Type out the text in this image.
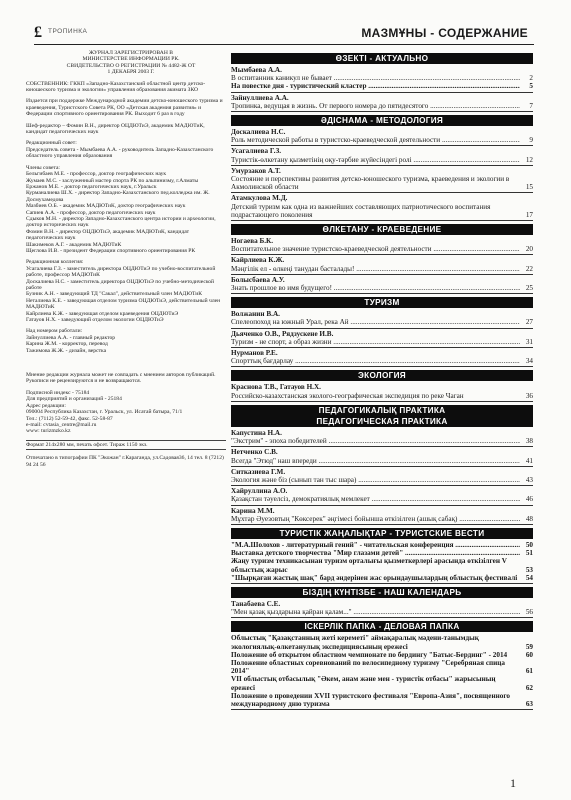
£ ТРОПИНКА	МАЗМҰНЫ - СОДЕРЖАНИЕ
ЖУРНАЛ ЗАРЕГИСТРИРОВАН В МИНИСТЕРСТВЕ ИНФОРМАЦИИ РК. СВИДЕТЕЛЬСТВО О РЕГИСТРАЦИИ № 4482-Ж ОТ 1 ДЕКАБРЯ 2003 Г.
СОБСТВЕННИК: ГККП «Западно-Казахстанский областной центр детско-юношеского туризма и экологии» управления образования акимата ЗКО
Издается при поддержке Международной академии детско-юношеского туризма и краеведения, Туристского Совета РК, ОО «Детская академия развития» и Федерации спортивного ориентирования РК. Выходит 6 раз в году
Шеф-редактор – Фомин В.Н., директор ОЦДЮТиЭ, академик МАДЮТиК, кандидат педагогических наук

Редакционный совет:

Председатель совета - Мымбаева А.А. - руководитель Западно-Казахстанского областного управления образования

Члены совета:

Бельгибаев М.Е. - профессор, доктор географических наук

Жумаев М.С. - заслуженный мастер спорта РК по альпинизму, г.Алматы

Ержанов М.Е. - доктор педагогических наук, г.Уральск

Курманалиева Ш.Х. - директор Западно-Казахстанского пед.колледжа им. Ж. Досмухамедова

Мазбиев О.Б. - академик МАДЮТиК, доктор географических наук

Сапиев А.А. - профессор, доктор педагогических наук

Сдыков М.Н. - директор Западно-Казахстанского центра истории и археологии, доктор исторических наук

Фомин В.Н. - директор ОЦДЮТиЭ, академик МАДЮТиК, кандидат педагогических наук

Шакимеков А.Г. - академик МАДЮТиК

Щеглова И.В. - президент Федерации спортивного ориентирования РК

Редакционная коллегия:

Усагалиева Г.З. - заместитель директора ОЦДЮТиЭ по учебно-воспитательной работе, профессор МАДЮТиК

Доскалиева Н.С. - заместитель директора ОЦДЮТиЭ по учебно-методической работе

Бузник А.Н. - заведующий ТД "Сакал", действительный член МАДЮТиК

Неталиева К.Е. - заведующая отделом туризма ОЦДЮТиЭ, действительный член МАДЮТиК

Кайрлиева К.Ж. - заведующая отделом краеведения ОЦДЮТиЭ

Гатауов Н.Х. - заведующий отделом экологии ОЦДЮТиЭ

Над номером работали:

Зайнуллиева А.А. - главный редактор

Карина Ж.М. - корректор, перевод

Тажимова Ж.Ж. - дизайн, верстка

Мнение редакции журнала может не совпадать с мнением авторов публикаций. Рукописи не рецензируются и не возвращаются.

Подписной индекс - 75184

Для предприятий и организаций - 25184

Адрес редакции:

090004 Республика Казахстан, г. Уральск, ул. Исатай батыра, 71/1

Тел.: (7112) 52-59-42, факс. 52-58-87

e-mail: cvtasia_centre@mail.ru

www: turizmzko.kz

Формат 214х280 мм, печать офсет. Тираж 1150 экз.
Отпечатано в типографии ПК "Экожан" г.Караганда, ул.Садовая36, 14 тел. 8 (7212) 94 24 56
ӨЗЕКТІ - АКТУАЛЬНО
Мымбаева А.А.
В оспитанник каникул не бывает .....	2
На повестке дня - туристический кластер .....	5
Зайнуллиева А.А.
Тропинка, ведущая в жизнь. От первого номера до пятидесятого .....	7
ӘДІСНАМА - МЕТОДОЛОГИЯ
Доскалиева Н.С.
Роль методической работы в туристско-краеведческой деятельности .....	9
Усагалиева Г.З.
Туристік-өлкетану қызметінің оқу-тәрбие жүйесіндегі ролі .....	12
Умурзаков А.Т.
Состояние и перспективы развития детско-юношеского туризма, краеведения и экологии в Акмолинской области	15
Атамкулова М.Д.
Детский туризм как одна из важнейших составляющих патриотического воспитания подрастающего поколения	17
ӨЛКЕТАНУ - КРАЕВЕДЕНИЕ
Ногаева Б.К.
Воспитательное значение туристско-краеведческой деятельности .....	20
Кайрлиева К.Ж.
Мәңгілік ел - өлкеңі танудан басталады! .....	22
Болысбаева А.У.
Знать прошлое во имя будущего! .....	25
ТУРИЗМ
Волжанин В.А.
Спелеопоход на южный Урал, река Ай .....	27
Дьяченко О.В., Рядзускене И.В.
Туризм - не спорт, а образ жизни .....	31
Нурманов Р.Е.
Спорттық бағдарлау .....	34
ЭКОЛОГИЯ
Краснова Т.В., Гатауов Н.Х.
Российско-казахстанская эколого-географическая экспедиция по реке Чаган	36
ПЕДАГОГИКАЛЫҚ ПРАКТИКА
ПЕДАГОГИЧЕСКАЯ ПРАКТИКА
Капустина Н.А.
"Экстрим" - эпоха победителей .....	38
Нетченко С.В.
Всегда "Этюд" наш впереди .....	41
Ситказиева Г.М.
Экология және біз (сынып тан тыс шара) .....	43
Хайруллина А.О.
Қазақстан тәуелсіз, демократиялық мемлекет .....	46
Карина М.М.
Мұхтар Әуезовтың "Көксерек" әңгімесі бойынша өткізілген (ашық сабақ) .....	48
ТУРИСТІК ЖАҢАЛЫҚТАР - ТУРИСТСКИЕ ВЕСТИ
"М.А.Шолохов - литературный гений" - читательская конференция .....	50
Выставка детского творчества "Мир глазами детей" .....	51
Жаңу туризм техникасынан туризм орталығы қызметкерлері арасында өткізілген V облыстық жарыс	53
"Шырқаған жастық шақ" бард әндерінен жас орындаушылардың облыстық фестивалі	54
БІЗДІҢ КҮНТІЗБЕ - НАШ КАЛЕНДАРЬ
Танабаева С.Е.
"Мен қазақ қыздарына қайран қалам..." .....	56
ІСКЕРЛІК ПАПКА - ДЕЛОВАЯ ПАПКА
Облыстық "Қазақстанның жеті кереметі" аймақаралық мәдени-танымдық экологиялық-өлкетанулық экспедициясының ережесі	59
Положение об открытом областном чемпионате по бердингу "Батыс-Бердинг" - 2014	60
Положение областных соревнований по велосипедному туризму "Серебряная спица 2014"	61
VII облыстық отбасылық "Әкем, анам және мен - туристік отбасы" жарысының ережесі	62
Положение о проведении XVII туристского фестиваля "Европа-Азия", посвященного международному дню туризма	63
1
